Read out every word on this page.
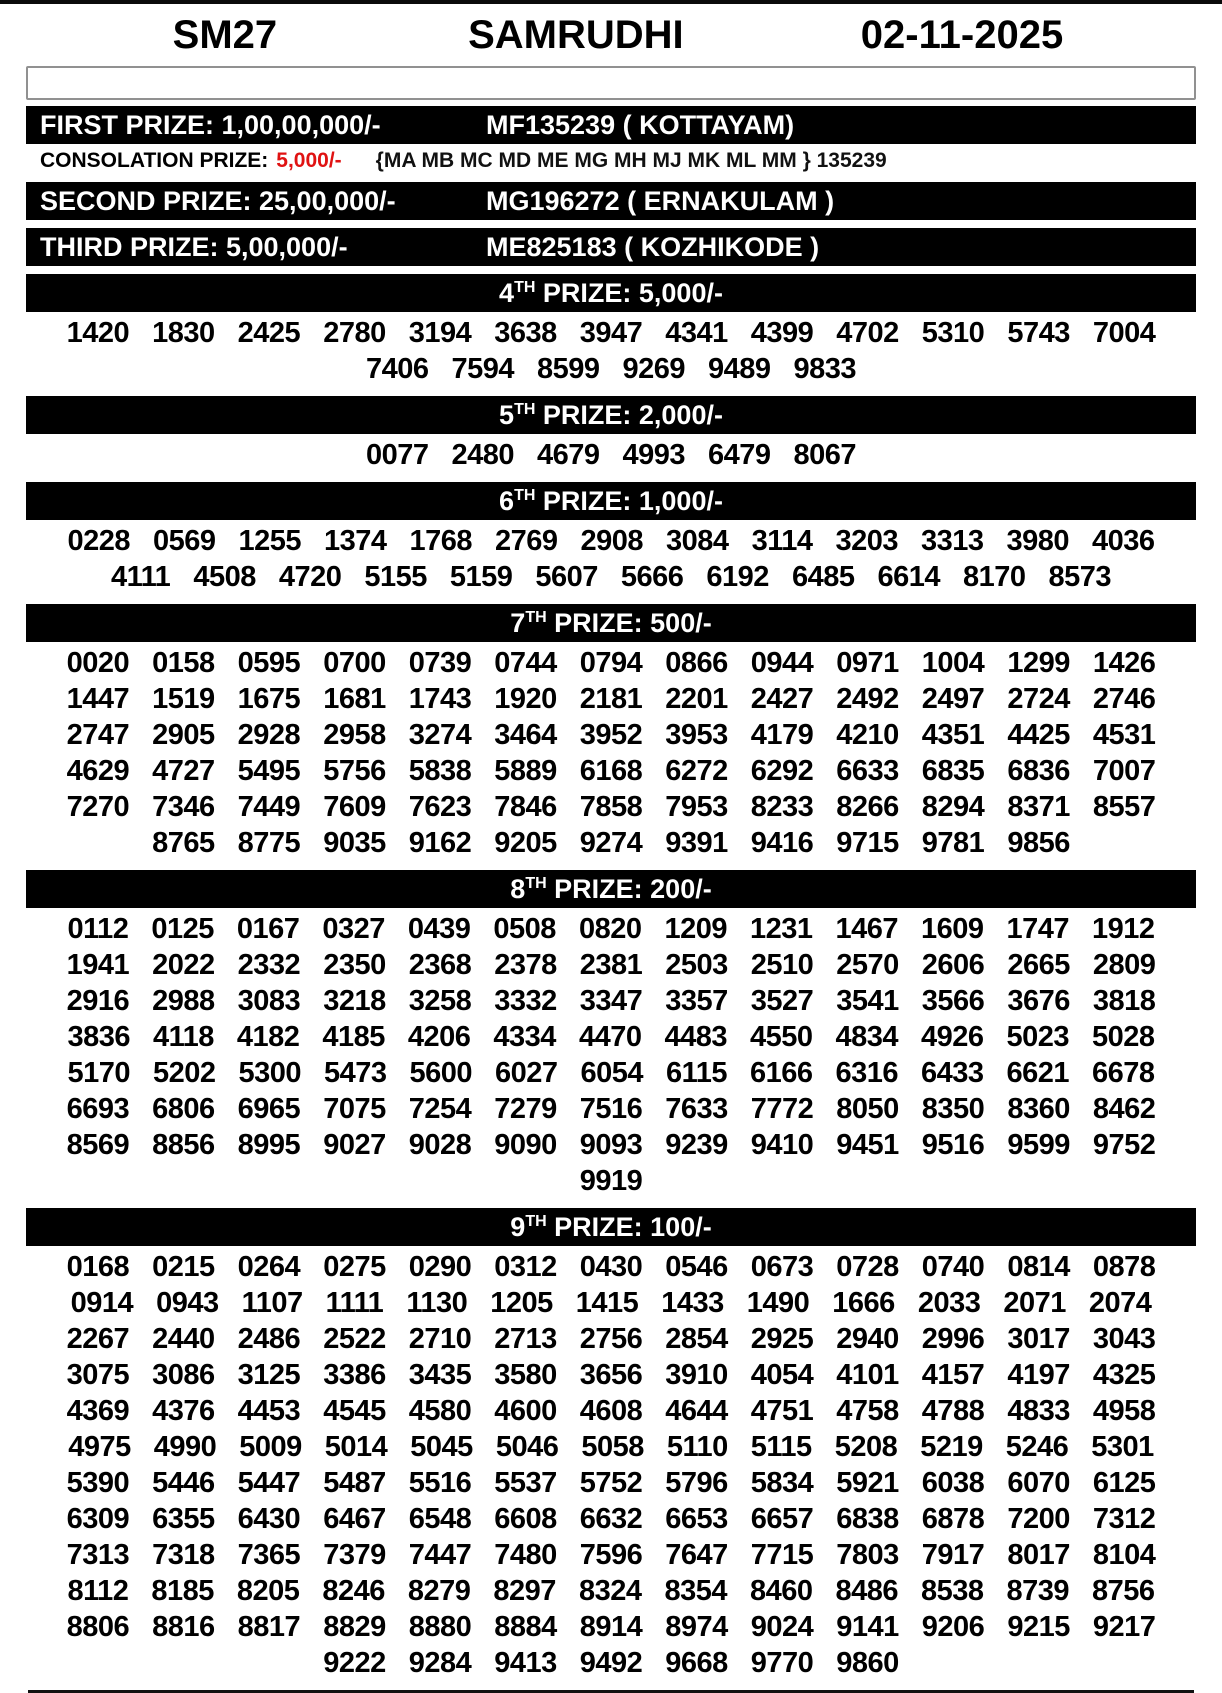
SM27	SAMRUDHI	02-11-2025
FIRST PRIZE: 1,00,00,000/-	MF135239 ( KOTTAYAM)
CONSOLATION PRIZE: 5,000/- {MA MB MC MD ME MG MH MJ MK ML MM } 135239
SECOND PRIZE: 25,00,000/-	MG196272 ( ERNAKULAM )
THIRD PRIZE: 5,00,000/-	ME825183 ( KOZHIKODE )
4TH PRIZE: 5,000/-
1420 1830 2425 2780 3194 3638 3947 4341 4399 4702 5310 5743 7004
7406 7594 8599 9269 9489 9833
5TH PRIZE: 2,000/-
0077 2480 4679 4993 6479 8067
6TH PRIZE: 1,000/-
0228 0569 1255 1374 1768 2769 2908 3084 3114 3203 3313 3980 4036
4111 4508 4720 5155 5159 5607 5666 6192 6485 6614 8170 8573
7TH PRIZE: 500/-
0020 0158 0595 0700 0739 0744 0794 0866 0944 0971 1004 1299 1426
1447 1519 1675 1681 1743 1920 2181 2201 2427 2492 2497 2724 2746
2747 2905 2928 2958 3274 3464 3952 3953 4179 4210 4351 4425 4531
4629 4727 5495 5756 5838 5889 6168 6272 6292 6633 6835 6836 7007
7270 7346 7449 7609 7623 7846 7858 7953 8233 8266 8294 8371 8557
8765 8775 9035 9162 9205 9274 9391 9416 9715 9781 9856
8TH PRIZE: 200/-
0112 0125 0167 0327 0439 0508 0820 1209 1231 1467 1609 1747 1912
1941 2022 2332 2350 2368 2378 2381 2503 2510 2570 2606 2665 2809
2916 2988 3083 3218 3258 3332 3347 3357 3527 3541 3566 3676 3818
3836 4118 4182 4185 4206 4334 4470 4483 4550 4834 4926 5023 5028
5170 5202 5300 5473 5600 6027 6054 6115 6166 6316 6433 6621 6678
6693 6806 6965 7075 7254 7279 7516 7633 7772 8050 8350 8360 8462
8569 8856 8995 9027 9028 9090 9093 9239 9410 9451 9516 9599 9752
9919
9TH PRIZE: 100/-
0168 0215 0264 0275 0290 0312 0430 0546 0673 0728 0740 0814 0878
0914 0943 1107 1111 1130 1205 1415 1433 1490 1666 2033 2071 2074
2267 2440 2486 2522 2710 2713 2756 2854 2925 2940 2996 3017 3043
3075 3086 3125 3386 3435 3580 3656 3910 4054 4101 4157 4197 4325
4369 4376 4453 4545 4580 4600 4608 4644 4751 4758 4788 4833 4958
4975 4990 5009 5014 5045 5046 5058 5110 5115 5208 5219 5246 5301
5390 5446 5447 5487 5516 5537 5752 5796 5834 5921 6038 6070 6125
6309 6355 6430 6467 6548 6608 6632 6653 6657 6838 6878 7200 7312
7313 7318 7365 7379 7447 7480 7596 7647 7715 7803 7917 8017 8104
8112 8185 8205 8246 8279 8297 8324 8354 8460 8486 8538 8739 8756
8806 8816 8817 8829 8880 8884 8914 8974 9024 9141 9206 9215 9217
9222 9284 9413 9492 9668 9770 9860
